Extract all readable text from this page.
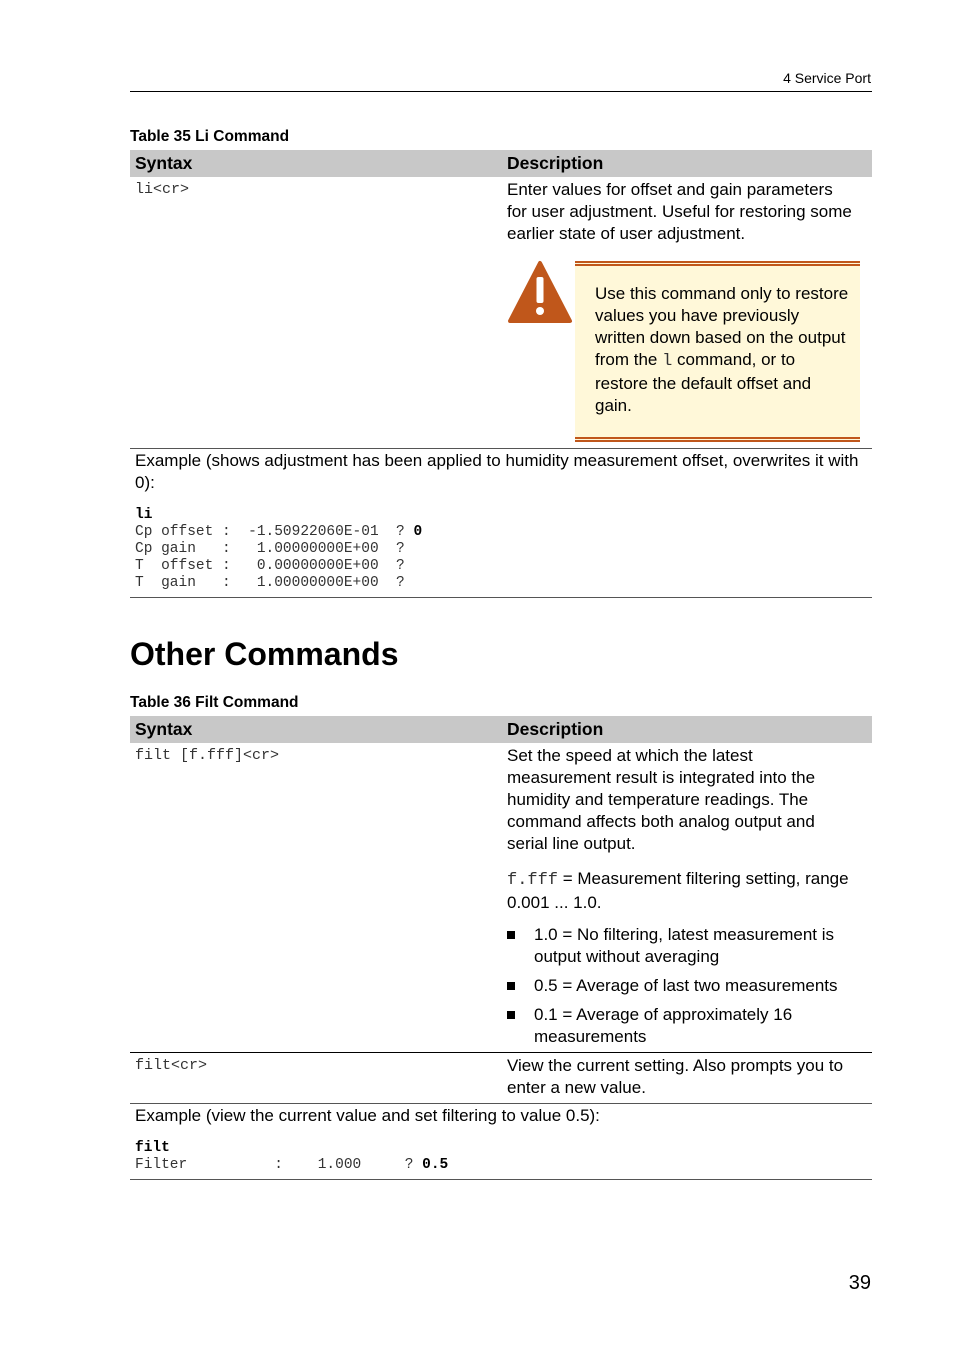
4 Service Port
Table 35 Li Command
Syntax	Description
li<cr>	Enter values for offset and gain parameters for user adjustment. Useful for restoring some earlier state of user adjustment.
Use this command only to restore values you have previously written down based on the output from the l command, or to restore the default offset and gain.
Example (shows adjustment has been applied to humidity measurement offset, overwrites it with 0):
li
Cp offset :  -1.50922060E-01  ? 0
Cp gain   :   1.00000000E+00  ?
T  offset :   0.00000000E+00  ?
T  gain   :   1.00000000E+00  ?
Other Commands
Table 36 Filt Command
Syntax	Description
filt [f.fff]<cr>	Set the speed at which the latest measurement result is integrated into the humidity and temperature readings. The command affects both analog output and serial line output.
f.fff = Measurement filtering setting, range 0.001 ... 1.0.
1.0 = No filtering, latest measurement is output without averaging
0.5 = Average of last two measurements
0.1 = Average of approximately 16 measurements
filt<cr>	View the current setting. Also prompts you to enter a new value.
Example (view the current value and set filtering to value 0.5):
filt
Filter          :    1.000     ? 0.5
39
